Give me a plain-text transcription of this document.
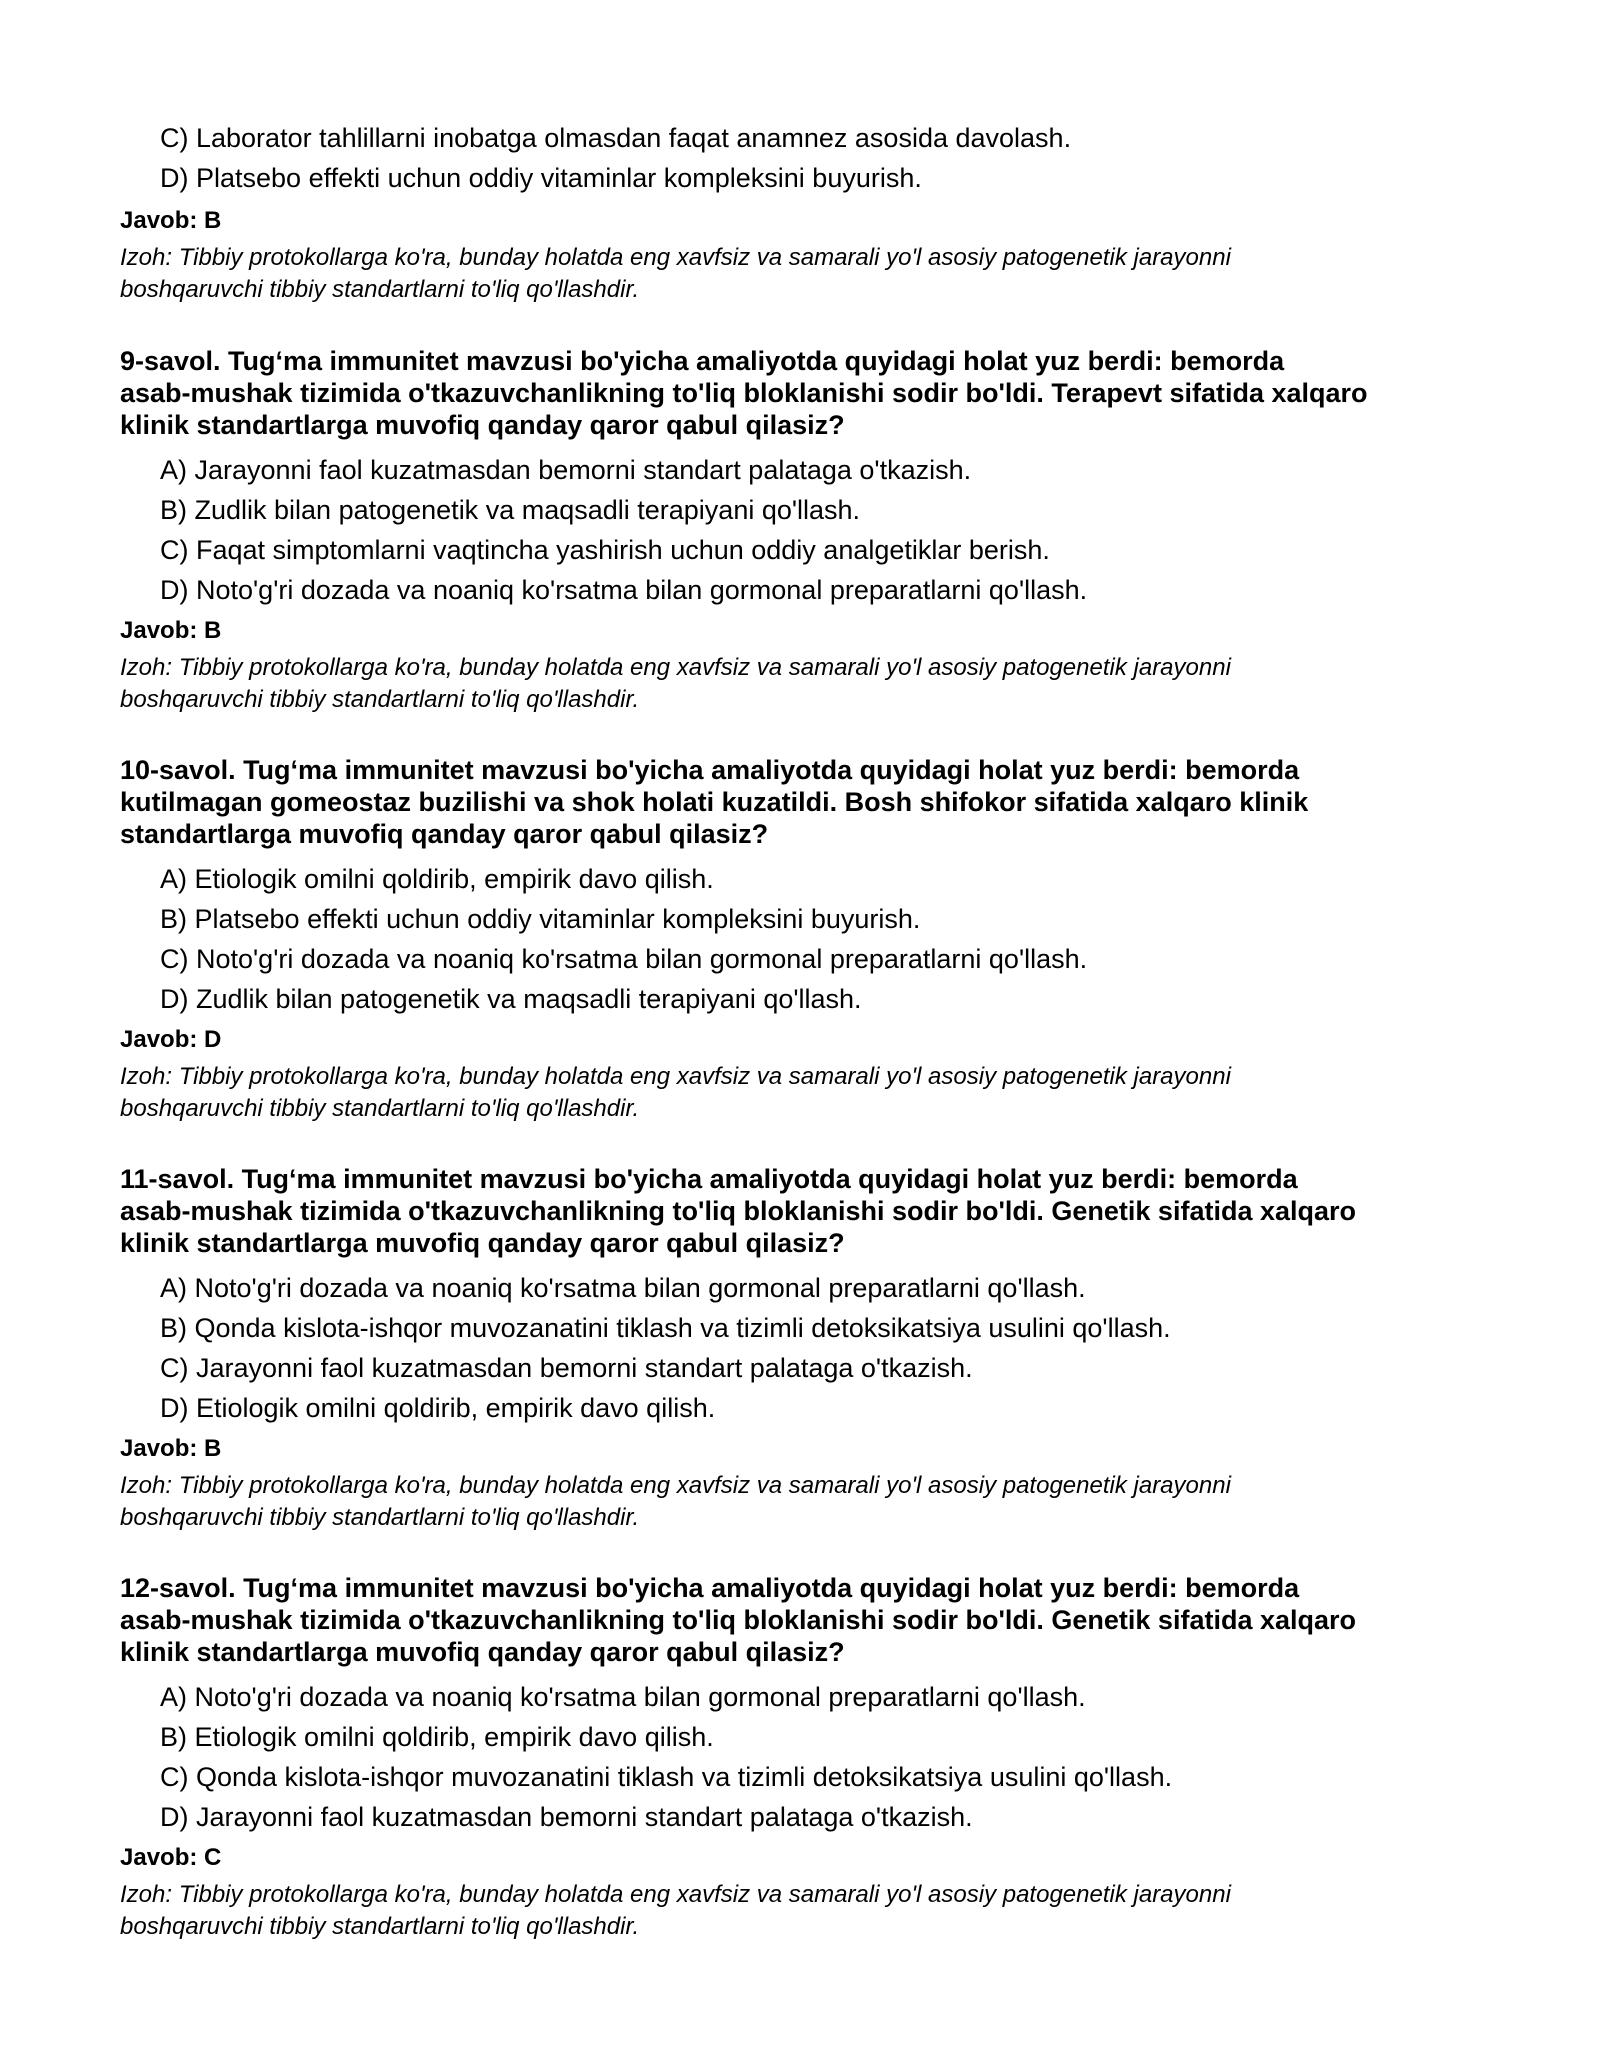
C) Laborator tahlillarni inobatga olmasdan faqat anamnez asosida davolash.
D) Platsebo effekti uchun oddiy vitaminlar kompleksini buyurish.
Javob: B
Izoh: Tibbiy protokollarga ko'ra, bunday holatda eng xavfsiz va samarali yo'l asosiy patogenetik jarayonni
boshqaruvchi tibbiy standartlarni to'liq qo'llashdir.
9-savol. Tug‘ma immunitet mavzusi bo'yicha amaliyotda quyidagi holat yuz berdi: bemorda
asab-mushak tizimida o'tkazuvchanlikning to'liq bloklanishi sodir bo'ldi. Terapevt sifatida xalqaro
klinik standartlarga muvofiq qanday qaror qabul qilasiz?
A) Jarayonni faol kuzatmasdan bemorni standart palataga o'tkazish.
B) Zudlik bilan patogenetik va maqsadli terapiyani qo'llash.
C) Faqat simptomlarni vaqtincha yashirish uchun oddiy analgetiklar berish.
D) Noto'g'ri dozada va noaniq ko'rsatma bilan gormonal preparatlarni qo'llash.
Javob: B
Izoh: Tibbiy protokollarga ko'ra, bunday holatda eng xavfsiz va samarali yo'l asosiy patogenetik jarayonni
boshqaruvchi tibbiy standartlarni to'liq qo'llashdir.
10-savol. Tug‘ma immunitet mavzusi bo'yicha amaliyotda quyidagi holat yuz berdi: bemorda
kutilmagan gomeostaz buzilishi va shok holati kuzatildi. Bosh shifokor sifatida xalqaro klinik
standartlarga muvofiq qanday qaror qabul qilasiz?
A) Etiologik omilni qoldirib, empirik davo qilish.
B) Platsebo effekti uchun oddiy vitaminlar kompleksini buyurish.
C) Noto'g'ri dozada va noaniq ko'rsatma bilan gormonal preparatlarni qo'llash.
D) Zudlik bilan patogenetik va maqsadli terapiyani qo'llash.
Javob: D
Izoh: Tibbiy protokollarga ko'ra, bunday holatda eng xavfsiz va samarali yo'l asosiy patogenetik jarayonni
boshqaruvchi tibbiy standartlarni to'liq qo'llashdir.
11-savol. Tug‘ma immunitet mavzusi bo'yicha amaliyotda quyidagi holat yuz berdi: bemorda
asab-mushak tizimida o'tkazuvchanlikning to'liq bloklanishi sodir bo'ldi. Genetik sifatida xalqaro
klinik standartlarga muvofiq qanday qaror qabul qilasiz?
A) Noto'g'ri dozada va noaniq ko'rsatma bilan gormonal preparatlarni qo'llash.
B) Qonda kislota-ishqor muvozanatini tiklash va tizimli detoksikatsiya usulini qo'llash.
C) Jarayonni faol kuzatmasdan bemorni standart palataga o'tkazish.
D) Etiologik omilni qoldirib, empirik davo qilish.
Javob: B
Izoh: Tibbiy protokollarga ko'ra, bunday holatda eng xavfsiz va samarali yo'l asosiy patogenetik jarayonni
boshqaruvchi tibbiy standartlarni to'liq qo'llashdir.
12-savol. Tug‘ma immunitet mavzusi bo'yicha amaliyotda quyidagi holat yuz berdi: bemorda
asab-mushak tizimida o'tkazuvchanlikning to'liq bloklanishi sodir bo'ldi. Genetik sifatida xalqaro
klinik standartlarga muvofiq qanday qaror qabul qilasiz?
A) Noto'g'ri dozada va noaniq ko'rsatma bilan gormonal preparatlarni qo'llash.
B) Etiologik omilni qoldirib, empirik davo qilish.
C) Qonda kislota-ishqor muvozanatini tiklash va tizimli detoksikatsiya usulini qo'llash.
D) Jarayonni faol kuzatmasdan bemorni standart palataga o'tkazish.
Javob: C
Izoh: Tibbiy protokollarga ko'ra, bunday holatda eng xavfsiz va samarali yo'l asosiy patogenetik jarayonni
boshqaruvchi tibbiy standartlarni to'liq qo'llashdir.
